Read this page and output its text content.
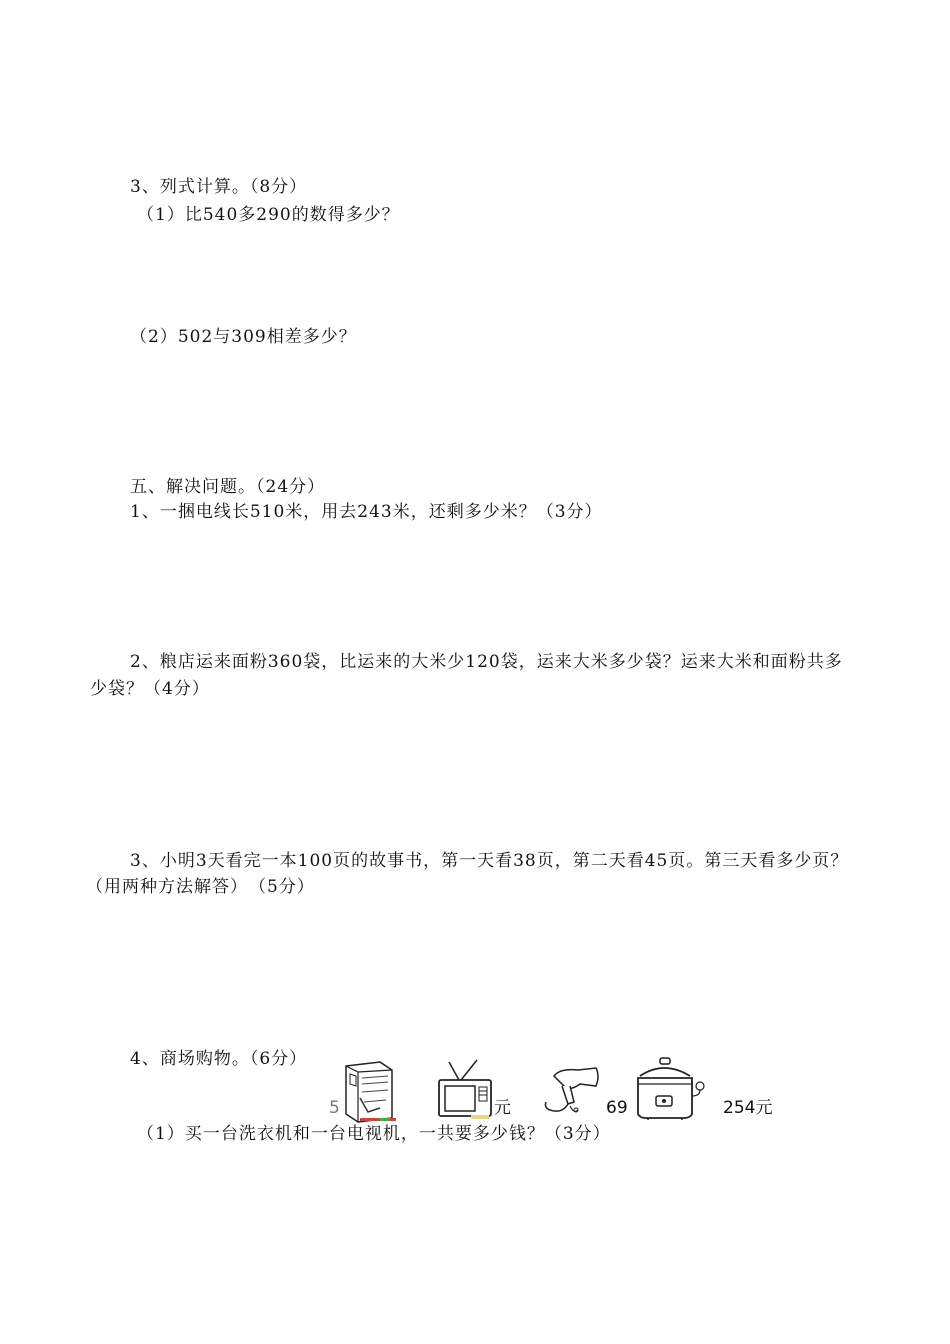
3、列式计算。（8分）
（1）比540多290的数得多少？
（2）502与309相差多少？
五、解决问题。（24分）
1、一捆电线长510米，用去243米，还剩多少米？（3分）
2、粮店运来面粉360袋，比运来的大米少120袋，运来大米多少袋？运来大米和面粉共多
少袋？（4分）
3、小明3天看完一本100页的故事书，第一天看38页，第二天看45页。第三天看多少页？
（用两种方法解答）　（5分）
4、商场购物。（6分）
5	元	69	254元
（1）买一台洗衣机和一台电视机，一共要多少钱？（3分）
